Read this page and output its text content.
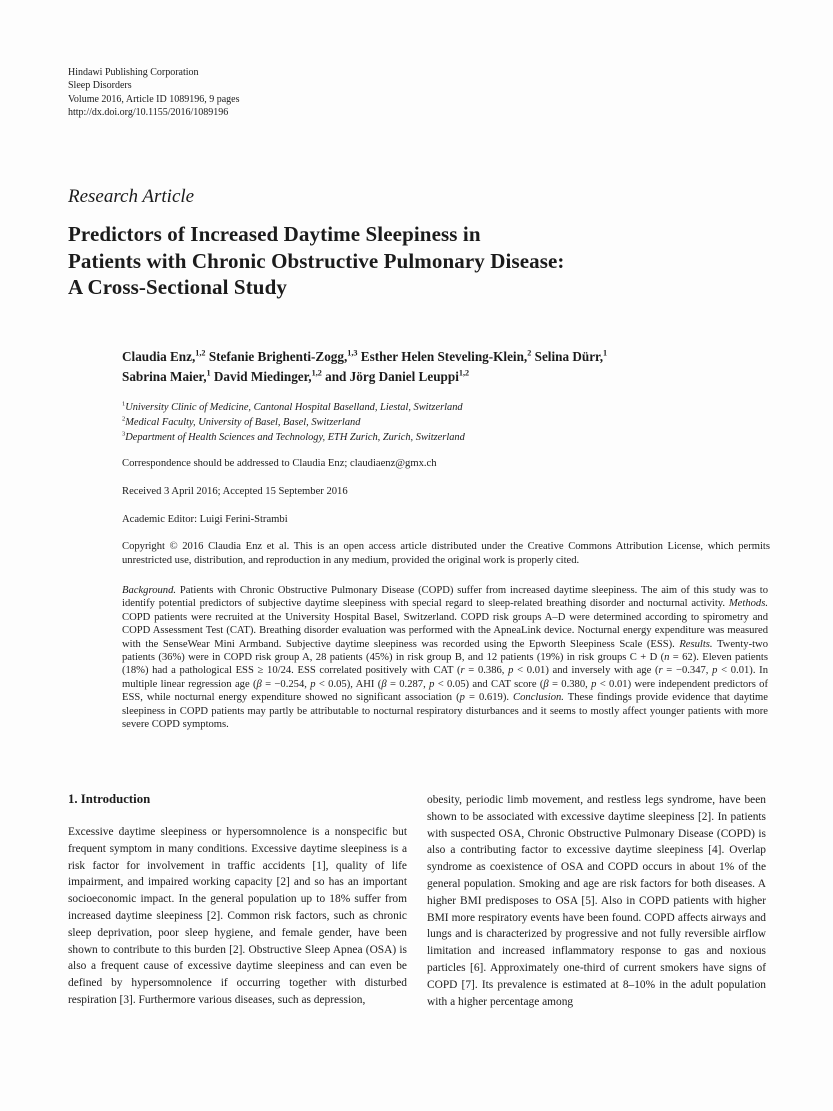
Hindawi Publishing Corporation
Sleep Disorders
Volume 2016, Article ID 1089196, 9 pages
http://dx.doi.org/10.1155/2016/1089196
Research Article
Predictors of Increased Daytime Sleepiness in
Patients with Chronic Obstructive Pulmonary Disease:
A Cross-Sectional Study
Claudia Enz,$^{1,2}$ Stefanie Brighenti-Zogg,$^{1,3}$ Esther Helen Steveling-Klein,$^2$ Selina Dürr,$^1$
Sabrina Maier,$^1$ David Miedinger,$^{1,2}$ and Jörg Daniel Leuppi$^{1,2}$
$^1$University Clinic of Medicine, Cantonal Hospital Baselland, Liestal, Switzerland
$^2$Medical Faculty, University of Basel, Basel, Switzerland
$^3$Department of Health Sciences and Technology, ETH Zurich, Zurich, Switzerland
Correspondence should be addressed to Claudia Enz; claudiaenz@gmx.ch
Received 3 April 2016; Accepted 15 September 2016
Academic Editor: Luigi Ferini-Strambi
Copyright © 2016 Claudia Enz et al. This is an open access article distributed under the Creative Commons Attribution License, which permits unrestricted use, distribution, and reproduction in any medium, provided the original work is properly cited.
Background. Patients with Chronic Obstructive Pulmonary Disease (COPD) suffer from increased daytime sleepiness. The aim of this study was to identify potential predictors of subjective daytime sleepiness with special regard to sleep-related breathing disorder and nocturnal activity. Methods. COPD patients were recruited at the University Hospital Basel, Switzerland. COPD risk groups A–D were determined according to spirometry and COPD Assessment Test (CAT). Breathing disorder evaluation was performed with the ApneaLink device. Nocturnal energy expenditure was measured with the SenseWear Mini Armband. Subjective daytime sleepiness was recorded using the Epworth Sleepiness Scale (ESS). Results. Twenty-two patients (36%) were in COPD risk group A, 28 patients (45%) in risk group B, and 12 patients (19%) in risk groups C + D (n = 62). Eleven patients (18%) had a pathological ESS ≥ 10/24. ESS correlated positively with CAT (r = 0.386, p < 0.01) and inversely with age (r = −0.347, p < 0.01). In multiple linear regression age (β = −0.254, p < 0.05), AHI (β = 0.287, p < 0.05) and CAT score (β = 0.380, p < 0.01) were independent predictors of ESS, while nocturnal energy expenditure showed no significant association (p = 0.619). Conclusion. These findings provide evidence that daytime sleepiness in COPD patients may partly be attributable to nocturnal respiratory disturbances and it seems to mostly affect younger patients with more severe COPD symptoms.
1. Introduction

Excessive daytime sleepiness or hypersomnolence is a nonspecific but frequent symptom in many conditions. Excessive daytime sleepiness is a risk factor for involvement in traffic accidents [1], quality of life impairment, and impaired working capacity [2] and so has an important socioeconomic impact. In the general population up to 18% suffer from increased daytime sleepiness [2]. Common risk factors, such as chronic sleep deprivation, poor sleep hygiene, and female gender, have been shown to contribute to this burden [2]. Obstructive Sleep Apnea (OSA) is also a frequent cause of excessive daytime sleepiness and can even be defined by hypersomnolence if occurring together with disturbed respiration [3]. Furthermore various diseases, such as depression,

obesity, periodic limb movement, and restless legs syndrome, have been shown to be associated with excessive daytime sleepiness [2]. In patients with suspected OSA, Chronic Obstructive Pulmonary Disease (COPD) is also a contributing factor to excessive daytime sleepiness [4]. Overlap syndrome as coexistence of OSA and COPD occurs in about 1% of the general population. Smoking and age are risk factors for both diseases. A higher BMI predisposes to OSA [5]. Also in COPD patients with higher BMI more respiratory events have been found. COPD affects airways and lungs and is characterized by progressive and not fully reversible airflow limitation and increased inflammatory response to gas and noxious particles [6]. Approximately one-third of current smokers have signs of COPD [7]. Its prevalence is estimated at 8–10% in the adult population with a higher percentage among
